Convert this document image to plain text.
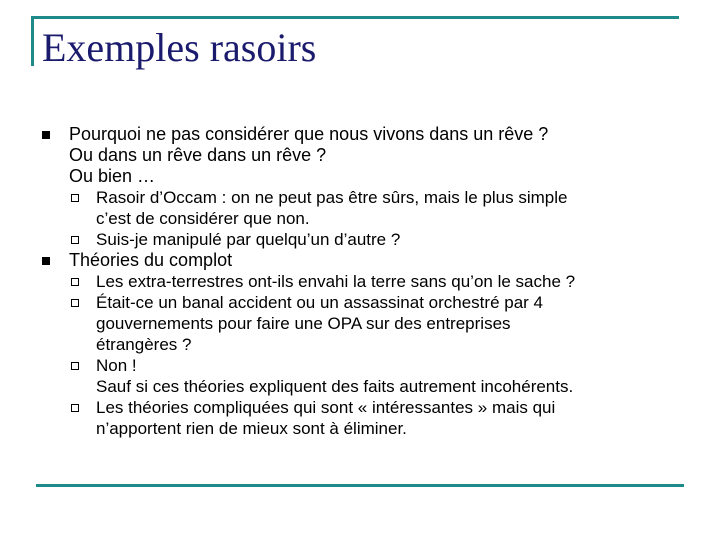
Exemples rasoirs
Pourquoi ne pas considérer que nous vivons dans un rêve ?
Ou dans un rêve dans un rêve ?
Ou bien …
Rasoir d’Occam : on ne peut pas être sûrs, mais le plus simple
c’est de considérer que non.
Suis-je manipulé par quelqu’un d’autre ?
Théories du complot
Les extra-terrestres ont-ils envahi la terre sans qu’on le sache ?
Était-ce un banal accident ou un assassinat orchestré par 4
gouvernements pour faire une OPA sur des entreprises
étrangères ?
Non !
Sauf si ces théories expliquent des faits autrement incohérents.
Les théories compliquées qui sont « intéressantes » mais qui
n’apportent rien de mieux sont à éliminer.
